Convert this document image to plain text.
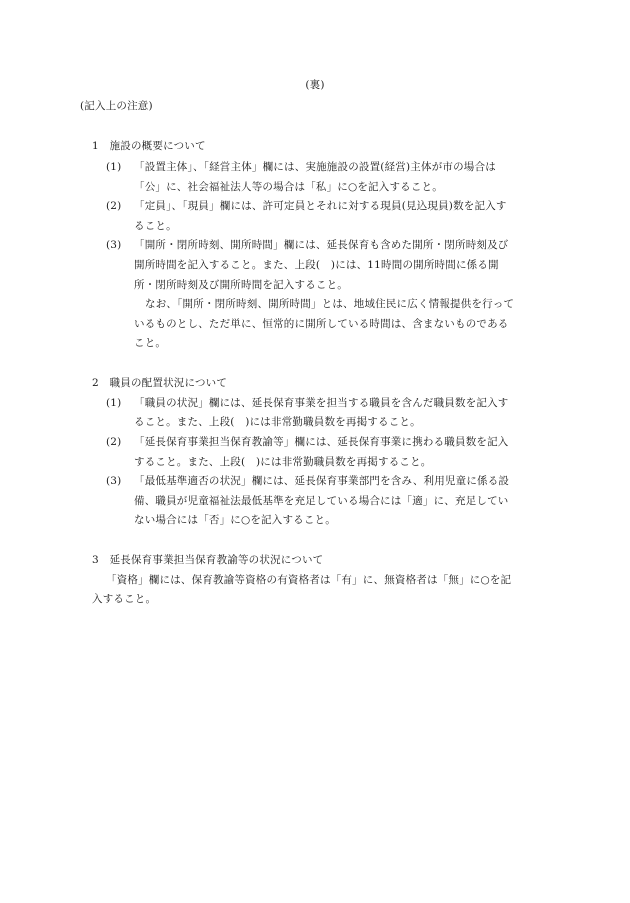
(裏)
(記入上の注意)
1　施設の概要について
(1) 「設置主体」、「経営主体」欄には、実施施設の設置(経営)主体が市の場合は
「公」に、社会福祉法人等の場合は「私」に○を記入すること。
(2) 「定員」、「現員」欄には、許可定員とそれに対する現員(見込現員)数を記入す
ること。
(3) 「開所・閉所時刻、開所時間」欄には、延長保育も含めた開所・閉所時刻及び
開所時間を記入すること。また、上段(　)には、11時間の開所時間に係る開
所・閉所時刻及び開所時間を記入すること。
なお、「開所・閉所時刻、開所時間」とは、地域住民に広く情報提供を行って
いるものとし、ただ単に、恒常的に開所している時間は、含まないものである
こと。
2　職員の配置状況について
(1) 「職員の状況」欄には、延長保育事業を担当する職員を含んだ職員数を記入す
ること。また、上段(　)には非常勤職員数を再掲すること。
(2) 「延長保育事業担当保育教諭等」欄には、延長保育事業に携わる職員数を記入
すること。また、上段(　)には非常勤職員数を再掲すること。
(3) 「最低基準適否の状況」欄には、延長保育事業部門を含み、利用児童に係る設
備、職員が児童福祉法最低基準を充足している場合には「適」に、充足してい
ない場合には「否」に○を記入すること。
3　延長保育事業担当保育教諭等の状況について
「資格」欄には、保育教諭等資格の有資格者は「有」に、無資格者は「無」に○を記
入すること。
